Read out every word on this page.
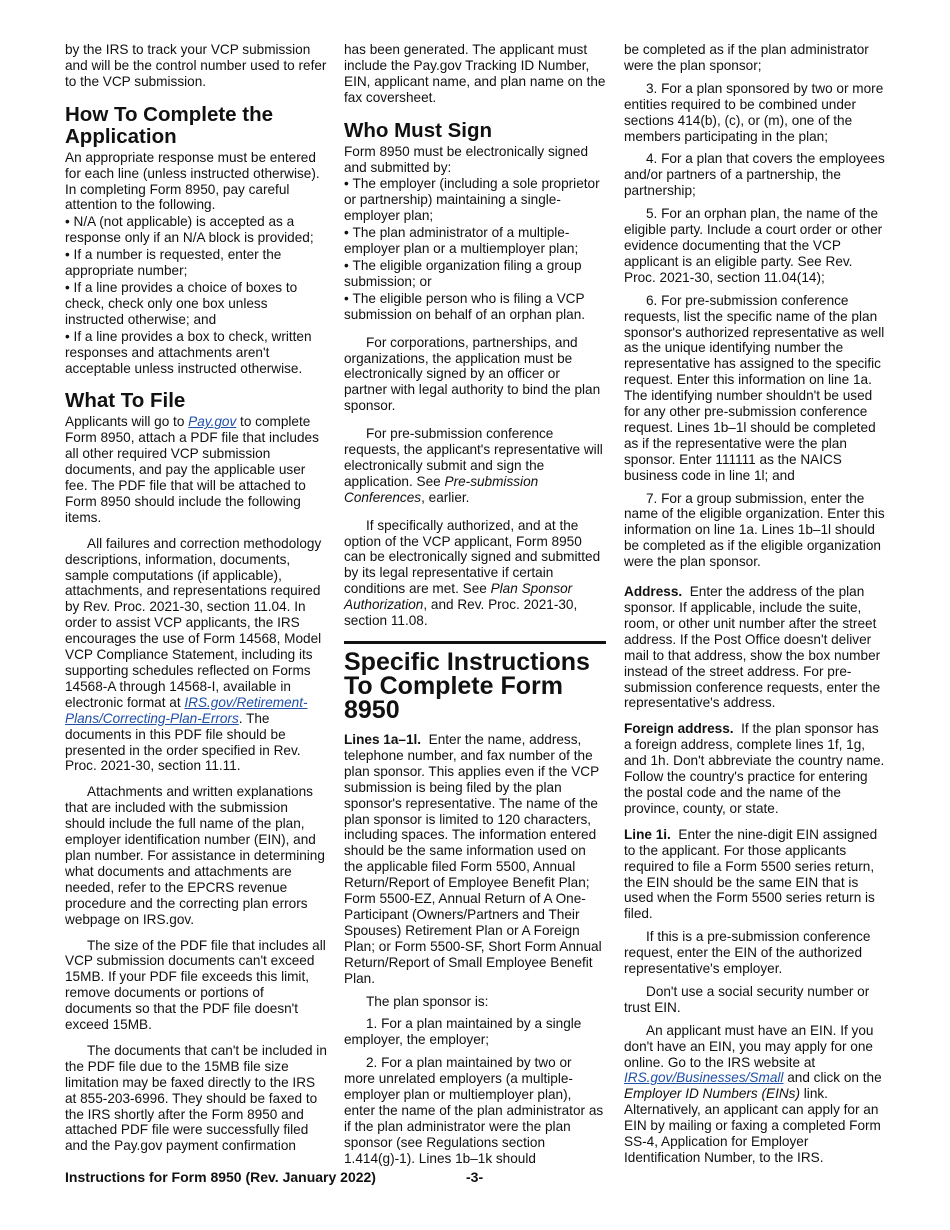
by the IRS to track your VCP submission and will be the control number used to refer to the VCP submission.

How To Complete the Application

An appropriate response must be entered for each line (unless instructed otherwise). In completing Form 8950, pay careful attention to the following.

• N/A (not applicable) is accepted as a response only if an N/A block is provided;

• If a number is requested, enter the appropriate number;

• If a line provides a choice of boxes to check, check only one box unless instructed otherwise; and

• If a line provides a box to check, written responses and attachments aren't acceptable unless instructed otherwise.

What To File

Applicants will go to Pay.gov to complete Form 8950, attach a PDF file that includes all other required VCP submission documents, and pay the applicable user fee. The PDF file that will be attached to Form 8950 should include the following items.

All failures and correction methodology descriptions, information, documents, sample computations (if applicable), attachments, and representations required by Rev. Proc. 2021-30, section 11.04. In order to assist VCP applicants, the IRS encourages the use of Form 14568, Model VCP Compliance Statement, including its supporting schedules reflected on Forms 14568-A through 14568-I, available in electronic format at IRS.gov/Retirement-Plans/Correcting-Plan-Errors. The documents in this PDF file should be presented in the order specified in Rev. Proc. 2021-30, section 11.11.

Attachments and written explanations that are included with the submission should include the full name of the plan, employer identification number (EIN), and plan number. For assistance in determining what documents and attachments are needed, refer to the EPCRS revenue procedure and the correcting plan errors webpage on IRS.gov.

The size of the PDF file that includes all VCP submission documents can't exceed 15MB. If your PDF file exceeds this limit, remove documents or portions of documents so that the PDF file doesn't exceed 15MB.

The documents that can't be included in the PDF file due to the 15MB file size limitation may be faxed directly to the IRS at 855-203-6996. They should be faxed to the IRS shortly after the Form 8950 and attached PDF file were successfully filed and the Pay.gov payment confirmation

has been generated. The applicant must include the Pay.gov Tracking ID Number, EIN, applicant name, and plan name on the fax coversheet.

Who Must Sign

Form 8950 must be electronically signed and submitted by:

• The employer (including a sole proprietor or partnership) maintaining a single-employer plan;

• The plan administrator of a multiple-employer plan or a multiemployer plan;

• The eligible organization filing a group submission; or

• The eligible person who is filing a VCP submission on behalf of an orphan plan.

For corporations, partnerships, and organizations, the application must be electronically signed by an officer or partner with legal authority to bind the plan sponsor.

For pre-submission conference requests, the applicant's representative will electronically submit and sign the application. See Pre-submission Conferences, earlier.

If specifically authorized, and at the option of the VCP applicant, Form 8950 can be electronically signed and submitted by its legal representative if certain conditions are met. See Plan Sponsor Authorization, and Rev. Proc. 2021-30, section 11.08.

Specific Instructions To Complete Form 8950

Lines 1a–1l. Enter the name, address, telephone number, and fax number of the plan sponsor. This applies even if the VCP submission is being filed by the plan sponsor's representative. The name of the plan sponsor is limited to 120 characters, including spaces. The information entered should be the same information used on the applicable filed Form 5500, Annual Return/Report of Employee Benefit Plan; Form 5500-EZ, Annual Return of A One-Participant (Owners/Partners and Their Spouses) Retirement Plan or A Foreign Plan; or Form 5500-SF, Short Form Annual Return/Report of Small Employee Benefit Plan.

The plan sponsor is:

1. For a plan maintained by a single employer, the employer;

2. For a plan maintained by two or more unrelated employers (a multiple-employer plan or multiemployer plan), enter the name of the plan administrator as if the plan administrator were the plan sponsor (see Regulations section 1.414(g)-1). Lines 1b–1k should

be completed as if the plan administrator were the plan sponsor;

3. For a plan sponsored by two or more entities required to be combined under sections 414(b), (c), or (m), one of the members participating in the plan;

4. For a plan that covers the employees and/or partners of a partnership, the partnership;

5. For an orphan plan, the name of the eligible party. Include a court order or other evidence documenting that the VCP applicant is an eligible party. See Rev. Proc. 2021-30, section 11.04(14);

6. For pre-submission conference requests, list the specific name of the plan sponsor's authorized representative as well as the unique identifying number the representative has assigned to the specific request. Enter this information on line 1a. The identifying number shouldn't be used for any other pre-submission conference request. Lines 1b–1l should be completed as if the representative were the plan sponsor. Enter 111111 as the NAICS business code in line 1l; and

7. For a group submission, enter the name of the eligible organization. Enter this information on line 1a. Lines 1b–1l should be completed as if the eligible organization were the plan sponsor.

Address. Enter the address of the plan sponsor. If applicable, include the suite, room, or other unit number after the street address. If the Post Office doesn't deliver mail to that address, show the box number instead of the street address. For pre-submission conference requests, enter the representative's address.

Foreign address. If the plan sponsor has a foreign address, complete lines 1f, 1g, and 1h. Don't abbreviate the country name. Follow the country's practice for entering the postal code and the name of the province, county, or state.

Line 1i. Enter the nine-digit EIN assigned to the applicant. For those applicants required to file a Form 5500 series return, the EIN should be the same EIN that is used when the Form 5500 series return is filed.

If this is a pre-submission conference request, enter the EIN of the authorized representative's employer.

Don't use a social security number or trust EIN.

An applicant must have an EIN. If you don't have an EIN, you may apply for one online. Go to the IRS website at IRS.gov/Businesses/Small and click on the Employer ID Numbers (EINs) link. Alternatively, an applicant can apply for an EIN by mailing or faxing a completed Form SS-4, Application for Employer Identification Number, to the IRS.

Instructions for Form 8950 (Rev. January 2022)	-3-
